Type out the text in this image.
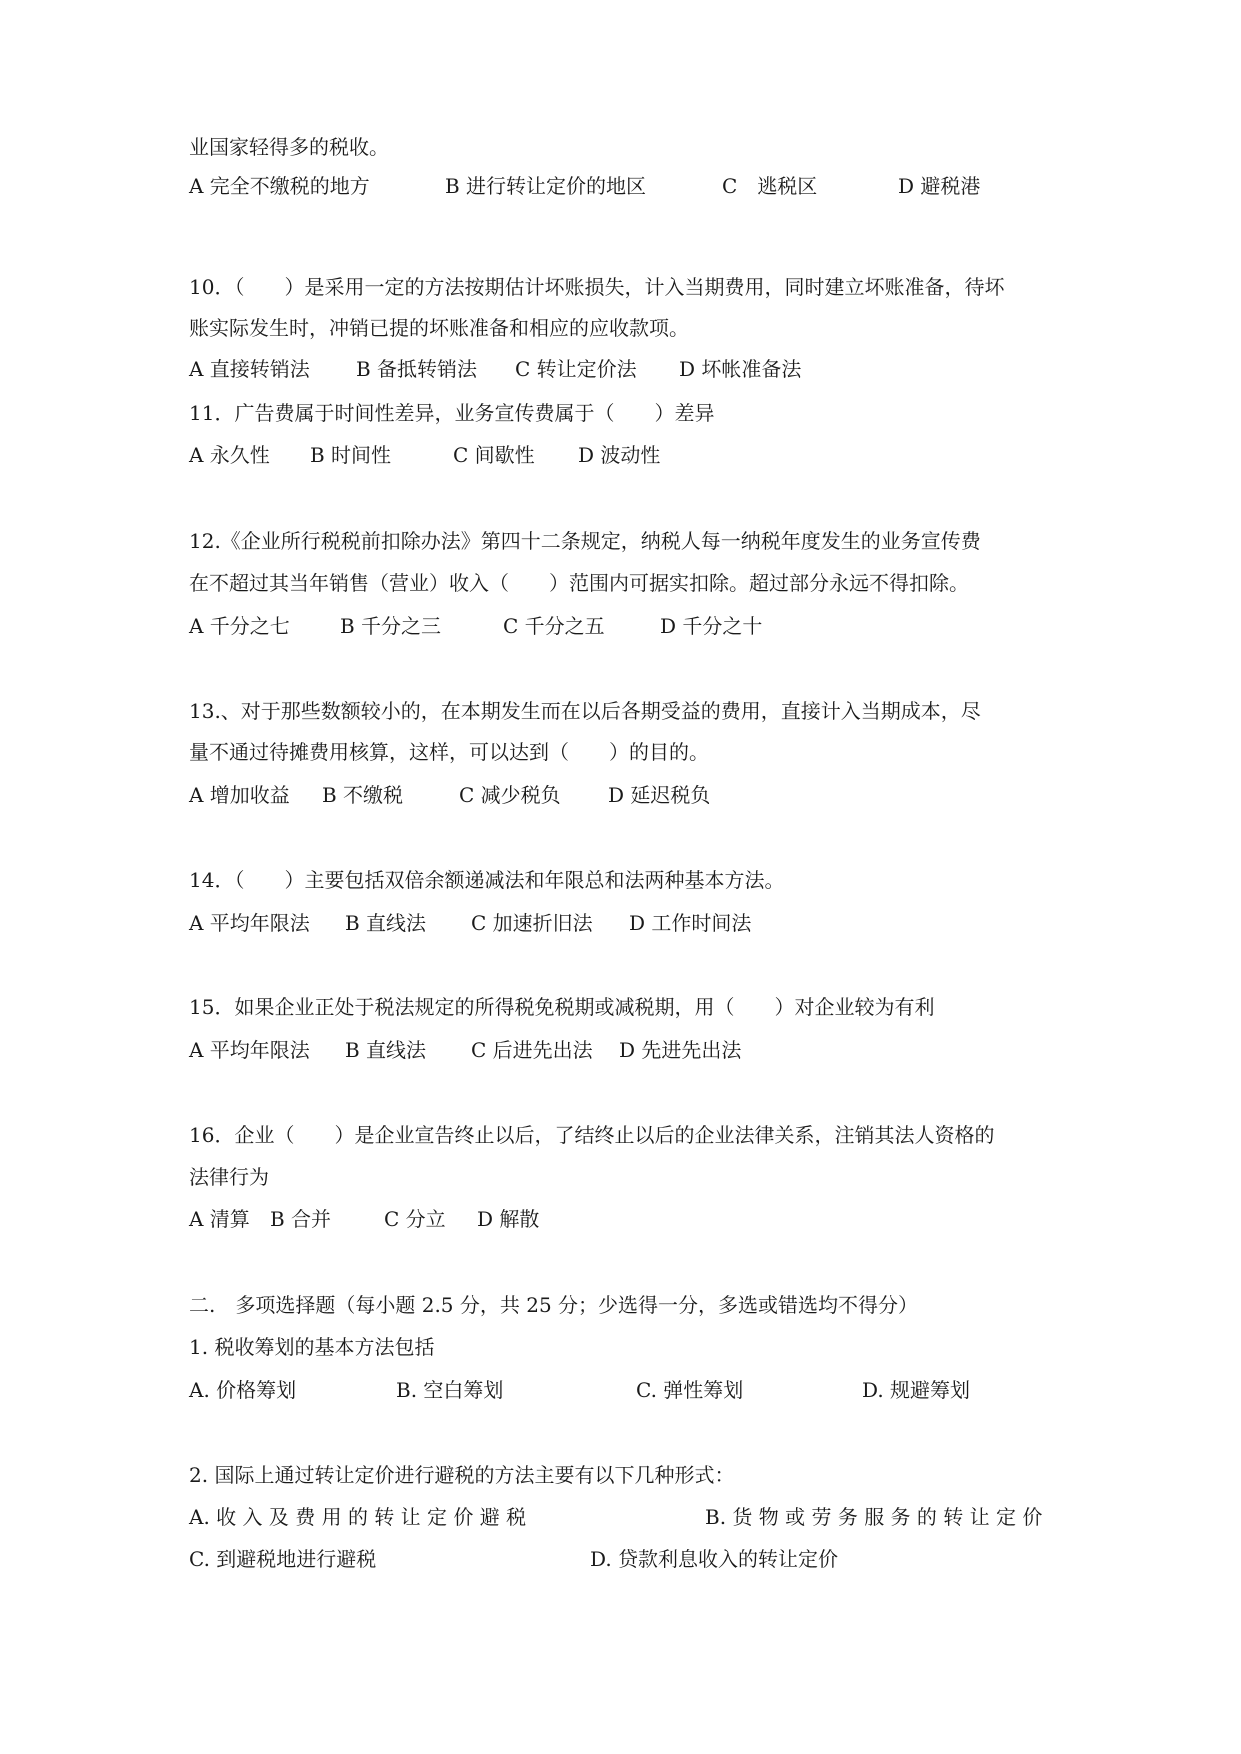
业国家轻得多的税收。
A 完全不缴税的地方	B 进行转让定价的地区	C　逃税区	D 避税港
10．（　　）是采用一定的方法按期估计坏账损失，计入当期费用，同时建立坏账准备，待坏
账实际发生时，冲销已提的坏账准备和相应的应收款项。
A 直接转销法 B 备抵转销法 C 转让定价法 D 坏帐准备法
11．广告费属于时间性差异，业务宣传费属于（　　）差异
A 永久性 B 时间性	C 间歇性 D 波动性
12.《企业所行税税前扣除办法》第四十二条规定，纳税人每一纳税年度发生的业务宣传费
在不超过其当年销售（营业）收入（　　）范围内可据实扣除。超过部分永远不得扣除。
A 千分之七	B 千分之三	C 千分之五	D 千分之十
13.、对于那些数额较小的，在本期发生而在以后各期受益的费用，直接计入当期成本，尽
量不通过待摊费用核算，这样，可以达到（　　）的目的。
A 增加收益 B 不缴税	C 减少税负 D 延迟税负
14．（　　）主要包括双倍余额递减法和年限总和法两种基本方法。
A 平均年限法 B 直线法 C 加速折旧法 D 工作时间法
15．如果企业正处于税法规定的所得税免税期或减税期，用（　　）对企业较为有利
A 平均年限法 B 直线法 C 后进先出法 D 先进先出法
16．企业（　　）是企业宣告终止以后，了结终止以后的企业法律关系，注销其法人资格的
法律行为
A 清算 B 合并	C 分立 D 解散
二.　多项选择题（每小题 2.5 分，共 25 分；少选得一分，多选或错选均不得分）
1. 税收筹划的基本方法包括
A. 价格筹划	B. 空白筹划	C. 弹性筹划	D. 规避筹划
2. 国际上通过转让定价进行避税的方法主要有以下几种形式：
A. 收 入 及 费 用 的 转 让 定 价 避 税	B. 货 物 或 劳 务 服 务 的 转 让 定 价
C. 到避税地进行避税	D. 贷款利息收入的转让定价
